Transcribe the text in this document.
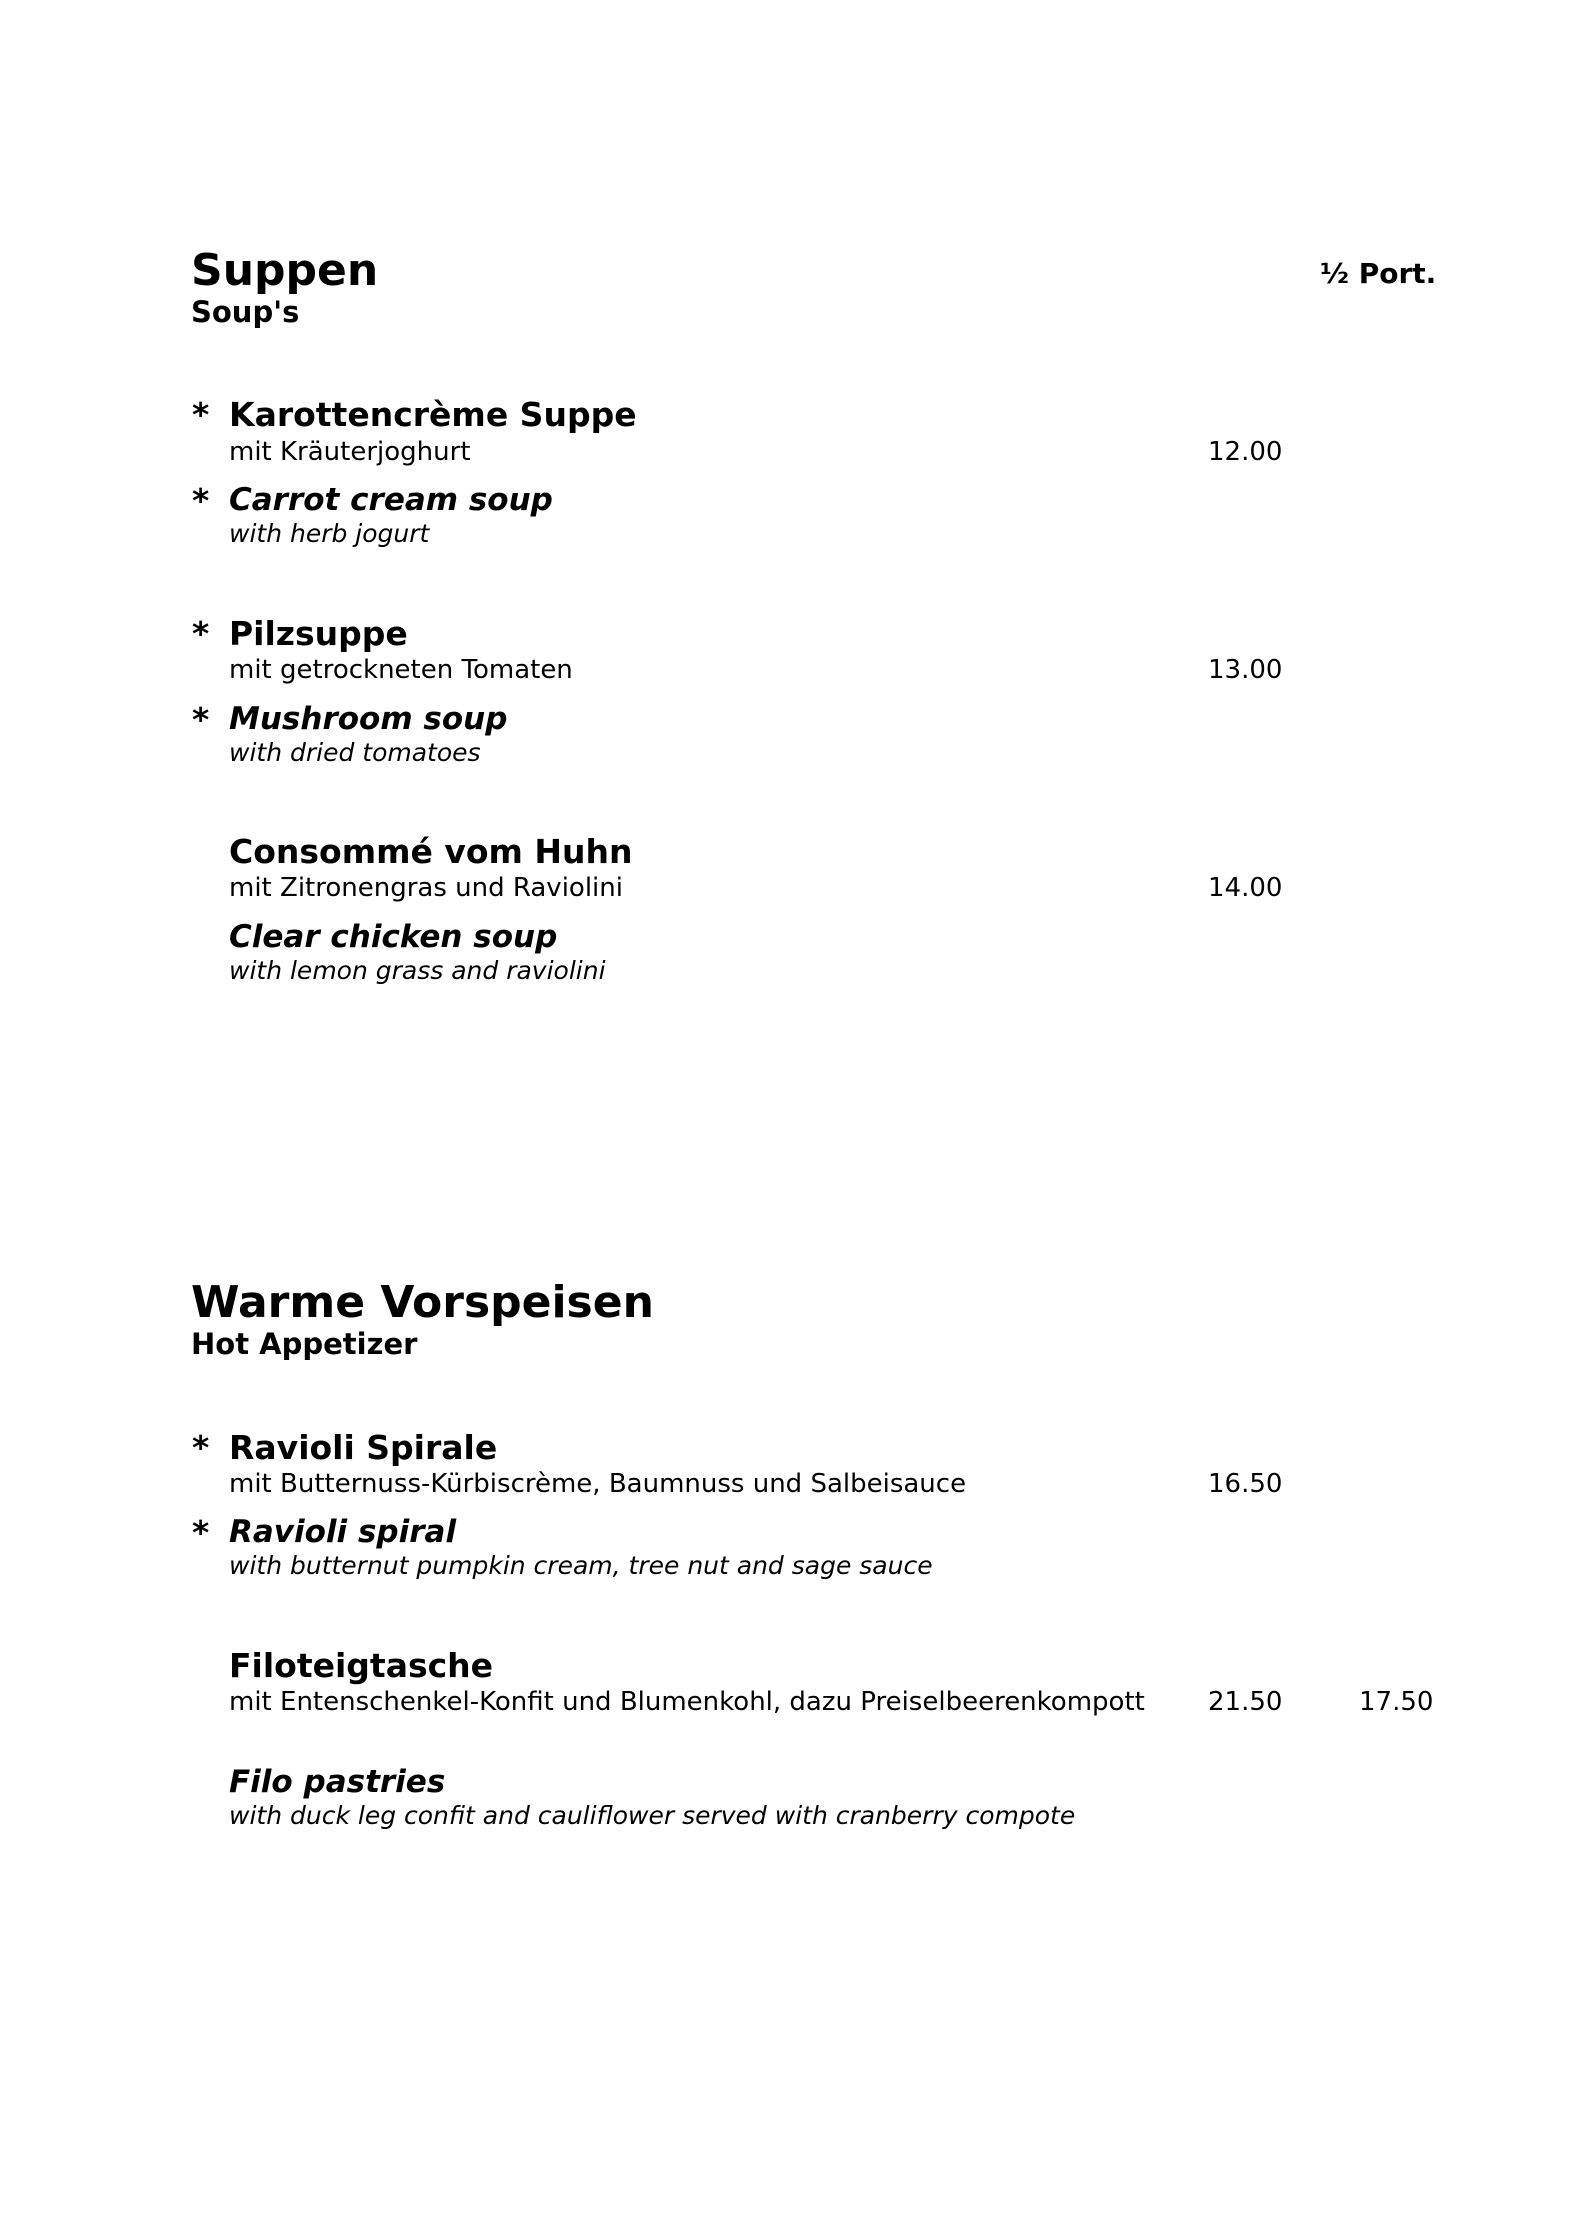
½ Port.
Suppen
Soup's
* Karottencrème Suppe
mit Kräuterjoghurt	12.00
* Carrot cream soup
with herb jogurt
* Pilzsuppe
mit getrockneten Tomaten	13.00
* Mushroom soup
with dried tomatoes
Consommé vom Huhn
mit Zitronengras und Raviolini	14.00
Clear chicken soup
with lemon grass and raviolini
Warme Vorspeisen
Hot Appetizer
* Ravioli Spirale
mit Butternuss-Kürbiscrème, Baumnuss und Salbeisauce	16.50
* Ravioli spiral
with butternut pumpkin cream, tree nut and sage sauce
Filoteigtasche
mit Entenschenkel-Konfit und Blumenkohl, dazu Preiselbeerenkompott 21.50	17.50
Filo pastries
with duck leg confit and cauliflower served with cranberry compote
